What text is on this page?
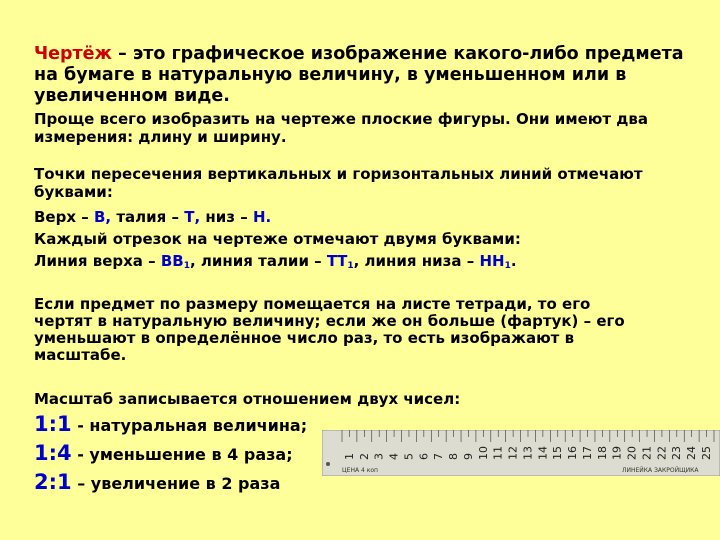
Чертёж – это графическое изображение какого-либо предмета
на бумаге в натуральную величину, в уменьшенном или в
увеличенном виде.
Проще всего изобразить на чертеже плоские фигуры. Они имеют два
измерения: длину и ширину.
Точки пересечения вертикальных и горизонтальных линий отмечают
буквами:
Верх – В, талия – Т, низ – Н.
Каждый отрезок на чертеже отмечают двумя буквами:
Линия верха – $ВВ_1$, линия талии – $ТТ_1$, линия низа – $НН_1$.
Если предмет по размеру помещается на листе тетради, то его
чертят в натуральную величину; если же он больше (фартук) – его
уменьшают в определённое число раз, то есть изображают в
масштабе.
Масштаб записывается отношением двух чисел:
1:1 - натуральная величина;
1:4 - уменьшение в 4 раза;
2:1 – увеличение в 2 раза
1 2 3 4 5 6 7 8 9 10 11 12 13 14 15 16 17 18 19 20 21 22 23 24 25
ЦЕНА 4 коп	ЛИНЕЙКА ЗАКРОЙЩИКА
